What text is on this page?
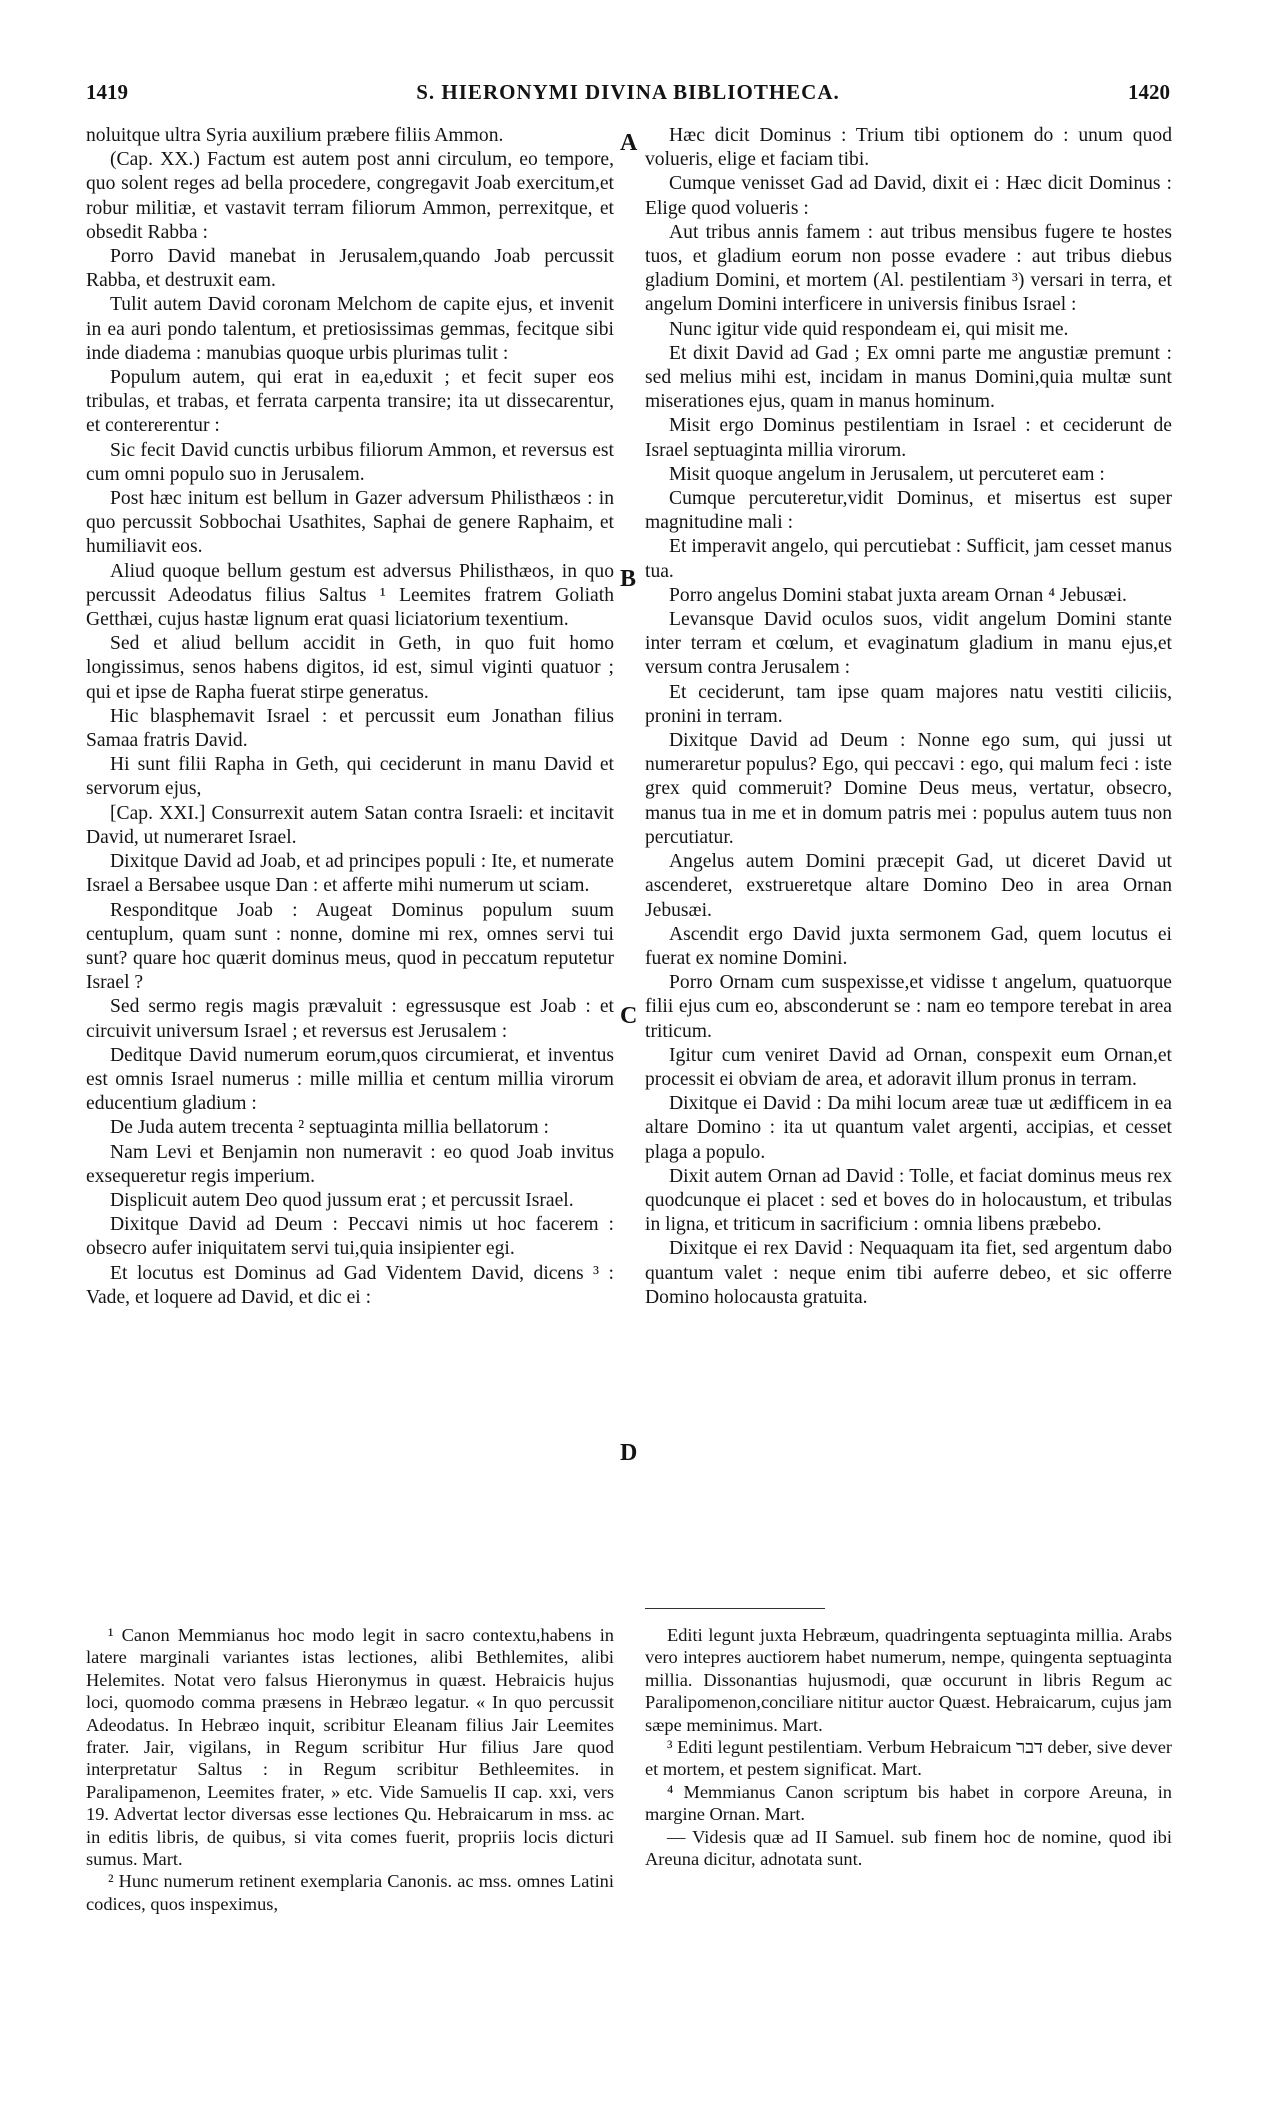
S. HIERONYMI DIVINA BIBLIOTHECA.
1419	1420
A
B
C
D

noluitque ultra Syria auxilium præbere filiis Ammon.

(Cap. XX.) Factum est autem post anni circulum, eo tempore, quo solent reges ad bella procedere, congregavit Joab exercitum,et robur militiæ, et vastavit terram filiorum Ammon, perrexitque, et obsedit Rabba :

Porro David manebat in Jerusalem,quando Joab percussit Rabba, et destruxit eam.

Tulit autem David coronam Melchom de capite ejus, et invenit in ea auri pondo talentum, et pretiosissimas gemmas, fecitque sibi inde diadema : manubias quoque urbis plurimas tulit :

Populum autem, qui erat in ea,eduxit ; et fecit super eos tribulas, et trabas, et ferrata carpenta transire; ita ut dissecarentur, et contererentur :

Sic fecit David cunctis urbibus filiorum Ammon, et reversus est cum omni populo suo in Jerusalem.

Post hæc initum est bellum in Gazer adversum Philisthæos : in quo percussit Sobbochai Usathites, Saphai de genere Raphaim, et humiliavit eos.

Aliud quoque bellum gestum est adversus Philisthæos, in quo percussit Adeodatus filius Saltus ¹ Leemites fratrem Goliath Getthæi, cujus hastæ lignum erat quasi liciatorium texentium.

Sed et aliud bellum accidit in Geth, in quo fuit homo longissimus, senos habens digitos, id est, simul viginti quatuor ; qui et ipse de Rapha fuerat stirpe generatus.

Hic blasphemavit Israel : et percussit eum Jonathan filius Samaa fratris David.

Hi sunt filii Rapha in Geth, qui ceciderunt in manu David et servorum ejus,

[Cap. XXI.] Consurrexit autem Satan contra Israeli: et incitavit David, ut numeraret Israel.

Dixitque David ad Joab, et ad principes populi : Ite, et numerate Israel a Bersabee usque Dan : et afferte mihi numerum ut sciam.

Responditque Joab : Augeat Dominus populum suum centuplum, quam sunt : nonne, domine mi rex, omnes servi tui sunt? quare hoc quærit dominus meus, quod in peccatum reputetur Israel ?

Sed sermo regis magis prævaluit : egressusque est Joab : et circuivit universum Israel ; et reversus est Jerusalem :

Deditque David numerum eorum,quos circumierat, et inventus est omnis Israel numerus : mille millia et centum millia virorum educentium gladium :

De Juda autem trecenta ² septuaginta millia bellatorum :

Nam Levi et Benjamin non numeravit : eo quod Joab invitus exsequeretur regis imperium.

Displicuit autem Deo quod jussum erat ; et percussit Israel.

Dixitque David ad Deum : Peccavi nimis ut hoc facerem : obsecro aufer iniquitatem servi tui,quia insipienter egi.

Et locutus est Dominus ad Gad Videntem David, dicens ³ : Vade, et loquere ad David, et dic ei :

Hæc dicit Dominus : Trium tibi optionem do : unum quod volueris, elige et faciam tibi.

Cumque venisset Gad ad David, dixit ei : Hæc dicit Dominus : Elige quod volueris :

Aut tribus annis famem : aut tribus mensibus fugere te hostes tuos, et gladium eorum non posse evadere : aut tribus diebus gladium Domini, et mortem (Al. pestilentiam ³) versari in terra, et angelum Domini interficere in universis finibus Israel :

Nunc igitur vide quid respondeam ei, qui misit me.

Et dixit David ad Gad ; Ex omni parte me angustiæ premunt : sed melius mihi est, incidam in manus Domini,quia multæ sunt miserationes ejus, quam in manus hominum.

Misit ergo Dominus pestilentiam in Israel : et ceciderunt de Israel septuaginta millia virorum.

Misit quoque angelum in Jerusalem, ut percuteret eam :

Cumque percuteretur,vidit Dominus, et misertus est super magnitudine mali :

Et imperavit angelo, qui percutiebat : Sufficit, jam cesset manus tua.

Porro angelus Domini stabat juxta aream Ornan ⁴ Jebusæi.

Levansque David oculos suos, vidit angelum Domini stante inter terram et cœlum, et evaginatum gladium in manu ejus,et versum contra Jerusalem :

Et ceciderunt, tam ipse quam majores natu vestiti ciliciis, pronini in terram.

Dixitque David ad Deum : Nonne ego sum, qui jussi ut numeraretur populus? Ego, qui peccavi : ego, qui malum feci : iste grex quid commeruit? Domine Deus meus, vertatur, obsecro, manus tua in me et in domum patris mei : populus autem tuus non percutiatur.

Angelus autem Domini præcepit Gad, ut diceret David ut ascenderet, exstrueretque altare Domino Deo in area Ornan Jebusæi.

Ascendit ergo David juxta sermonem Gad, quem locutus ei fuerat ex nomine Domini.

Porro Ornam cum suspexisse,et vidisse t angelum, quatuorque filii ejus cum eo, absconderunt se : nam eo tempore terebat in area triticum.

Igitur cum veniret David ad Ornan, conspexit eum Ornan,et processit ei obviam de area, et adoravit illum pronus in terram.

Dixitque ei David : Da mihi locum areæ tuæ ut ædifficem in ea altare Domino : ita ut quantum valet argenti, accipias, et cesset plaga a populo.

Dixit autem Ornan ad David : Tolle, et faciat dominus meus rex quodcunque ei placet : sed et boves do in holocaustum, et tribulas in ligna, et triticum in sacrificium : omnia libens præbebo.

Dixitque ei rex David : Nequaquam ita fiet, sed argentum dabo quantum valet : neque enim tibi auferre debeo, et sic offerre Domino holocausta gratuita.

¹ Canon Memmianus hoc modo legit in sacro contextu,habens in latere marginali variantes istas lectiones, alibi Bethlemites, alibi Helemites. Notat vero falsus Hieronymus in quæst. Hebraicis hujus loci, quomodo comma præsens in Hebræo legatur. « In quo percussit Adeodatus. In Hebræo inquit, scribitur Eleanam filius Jair Leemites frater. Jair, vigilans, in Regum scribitur Hur filius Jare quod interpretatur Saltus : in Regum scribitur Bethleemites. in Paralipamenon, Leemites frater, » etc. Vide Samuelis II cap. xxi, vers 19. Advertat lector diversas esse lectiones Qu. Hebraicarum in mss. ac in editis libris, de quibus, si vita comes fuerit, propriis locis dicturi sumus. Mart.

² Hunc numerum retinent exemplaria Canonis. ac mss. omnes Latini codices, quos inspeximus,

Editi legunt juxta Hebræum, quadringenta septuaginta millia. Arabs vero intepres auctiorem habet numerum, nempe, quingenta septuaginta millia. Dissonantias hujusmodi, quæ occurunt in libris Regum ac Paralipomenon,conciliare nititur auctor Quæst. Hebraicarum, cujus jam sæpe meminimus. Mart.

³ Editi legunt pestilentiam. Verbum Hebraicum דבר deber, sive dever et mortem, et pestem significat. Mart.

⁴ Memmianus Canon scriptum bis habet in corpore Areuna, in margine Ornan. Mart.

— Videsis quæ ad II Samuel. sub finem hoc de nomine, quod ibi Areuna dicitur, adnotata sunt.
